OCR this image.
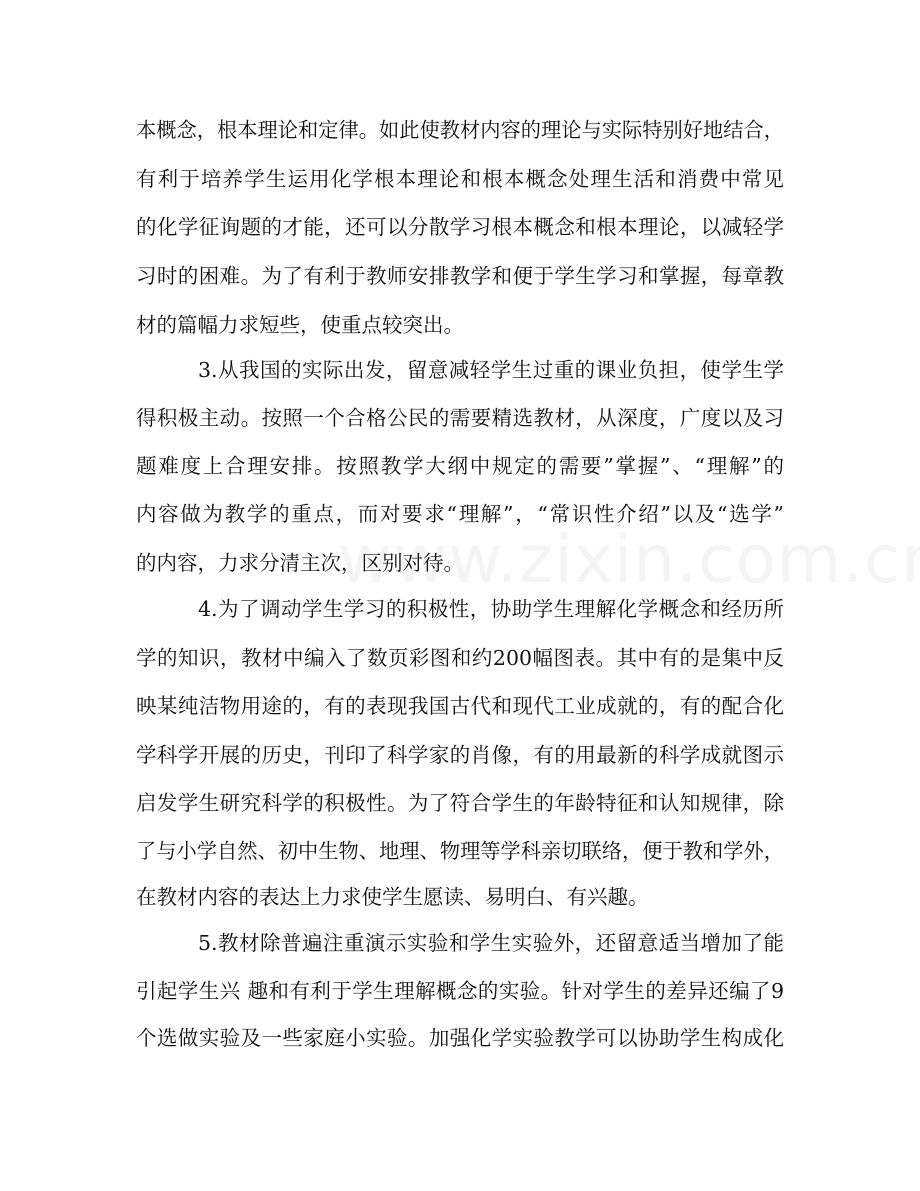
本概念，根本理论和定律。如此使教材内容的理论与实际特别好地结合，
有利于培养学生运用化学根本理论和根本概念处理生活和消费中常见
的化学征询题的才能，还可以分散学习根本概念和根本理论，以减轻学
习时的困难。为了有利于教师安排教学和便于学生学习和掌握，每章教
材的篇幅力求短些，使重点较突出。
3.从我国的实际出发，留意减轻学生过重的课业负担，使学生学
得积极主动。按照一个合格公民的需要精选教材，从深度，广度以及习
题难度上合理安排。按照教学大纲中规定的需要”掌握”、“理解”的
内容做为教学的重点，而对要求“理解”，“常识性介绍”以及“选学”
的内容，力求分清主次，区别对待。
4.为了调动学生学习的积极性，协助学生理解化学概念和经历所
学的知识，教材中编入了数页彩图和约200幅图表。其中有的是集中反
映某纯洁物用途的，有的表现我国古代和现代工业成就的，有的配合化
学科学开展的历史，刊印了科学家的肖像，有的用最新的科学成就图示
启发学生研究科学的积极性。为了符合学生的年龄特征和认知规律，除
了与小学自然、初中生物、地理、物理等学科亲切联络，便于教和学外，
在教材内容的表达上力求使学生愿读、易明白、有兴趣。
5.教材除普遍注重演示实验和学生实验外，还留意适当增加了能
引起学生兴 趣和有利于学生理解概念的实验。针对学生的差异还编了9
个选做实验及一些家庭小实验。加强化学实验教学可以协助学生构成化
